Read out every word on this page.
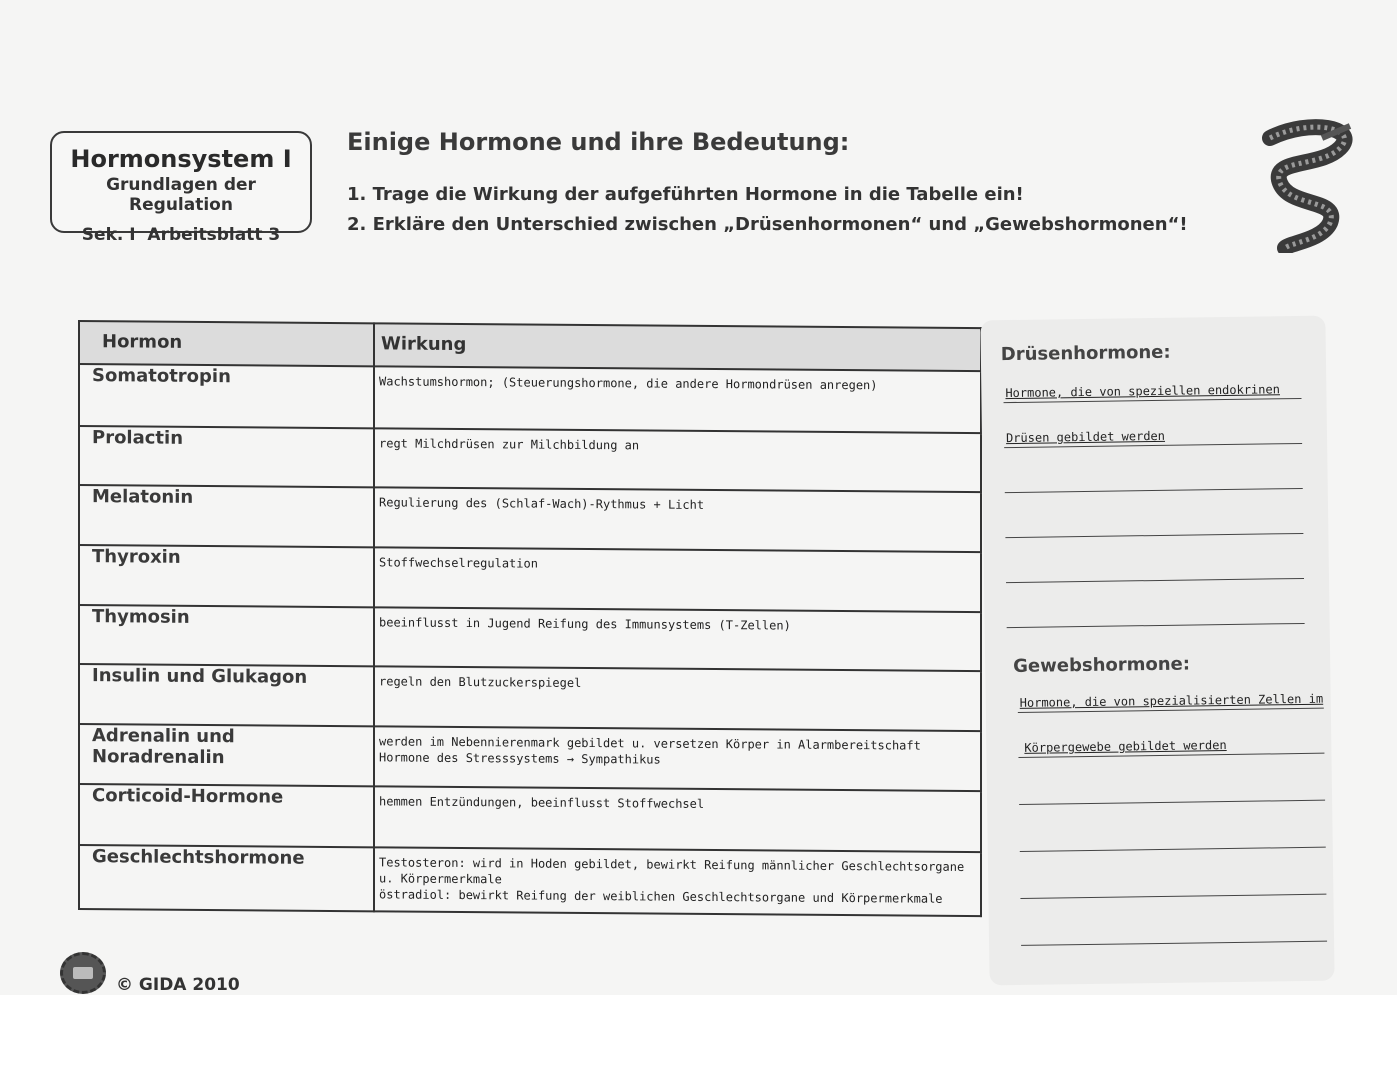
Hormonsystem I
Grundlagen der Regulation
Sek. I  Arbeitsblatt 3
Einige Hormone und ihre Bedeutung:
1. Trage die Wirkung der aufgeführten Hormone in die Tabelle ein!
2. Erkläre den Unterschied zwischen „Drüsenhormonen“ und „Gewebshormonen“!
Hormon	Wirkung

Somatotropin	Wachstumshormon; (Steuerungshormone, die andere Hormondrüsen anregen)

Prolactin	regt Milchdrüsen zur Milchbildung an

Melatonin	Regulierung des (Schlaf-Wach)-Rythmus + Licht

Thyroxin	Stoffwechselregulation

Thymosin	beeinflusst in Jugend Reifung des Immunsystems (T-Zellen)

Insulin und Glukagon	regeln den Blutzuckerspiegel

Adrenalin und Noradrenalin	werden im Nebennierenmark gebildet u. versetzen Körper in Alarmbereitschaft
Hormone des Stresssystems → Sympathikus

Corticoid-Hormone	hemmen Entzündungen, beeinflusst Stoffwechsel

Geschlechtshormone	Testosteron: wird in Hoden gebildet, bewirkt Reifung männlicher Geschlechtsorgane u. Körpermerkmale
östradiol: bewirkt Reifung der weiblichen Geschlechtsorgane und Körpermerkmale
Drüsenhormone:
Hormone, die von speziellen endokrinen
Drüsen gebildet werden
Gewebshormone:
Hormone, die von spezialisierten Zellen im
Körpergewebe gebildet werden
© GIDA 2010
